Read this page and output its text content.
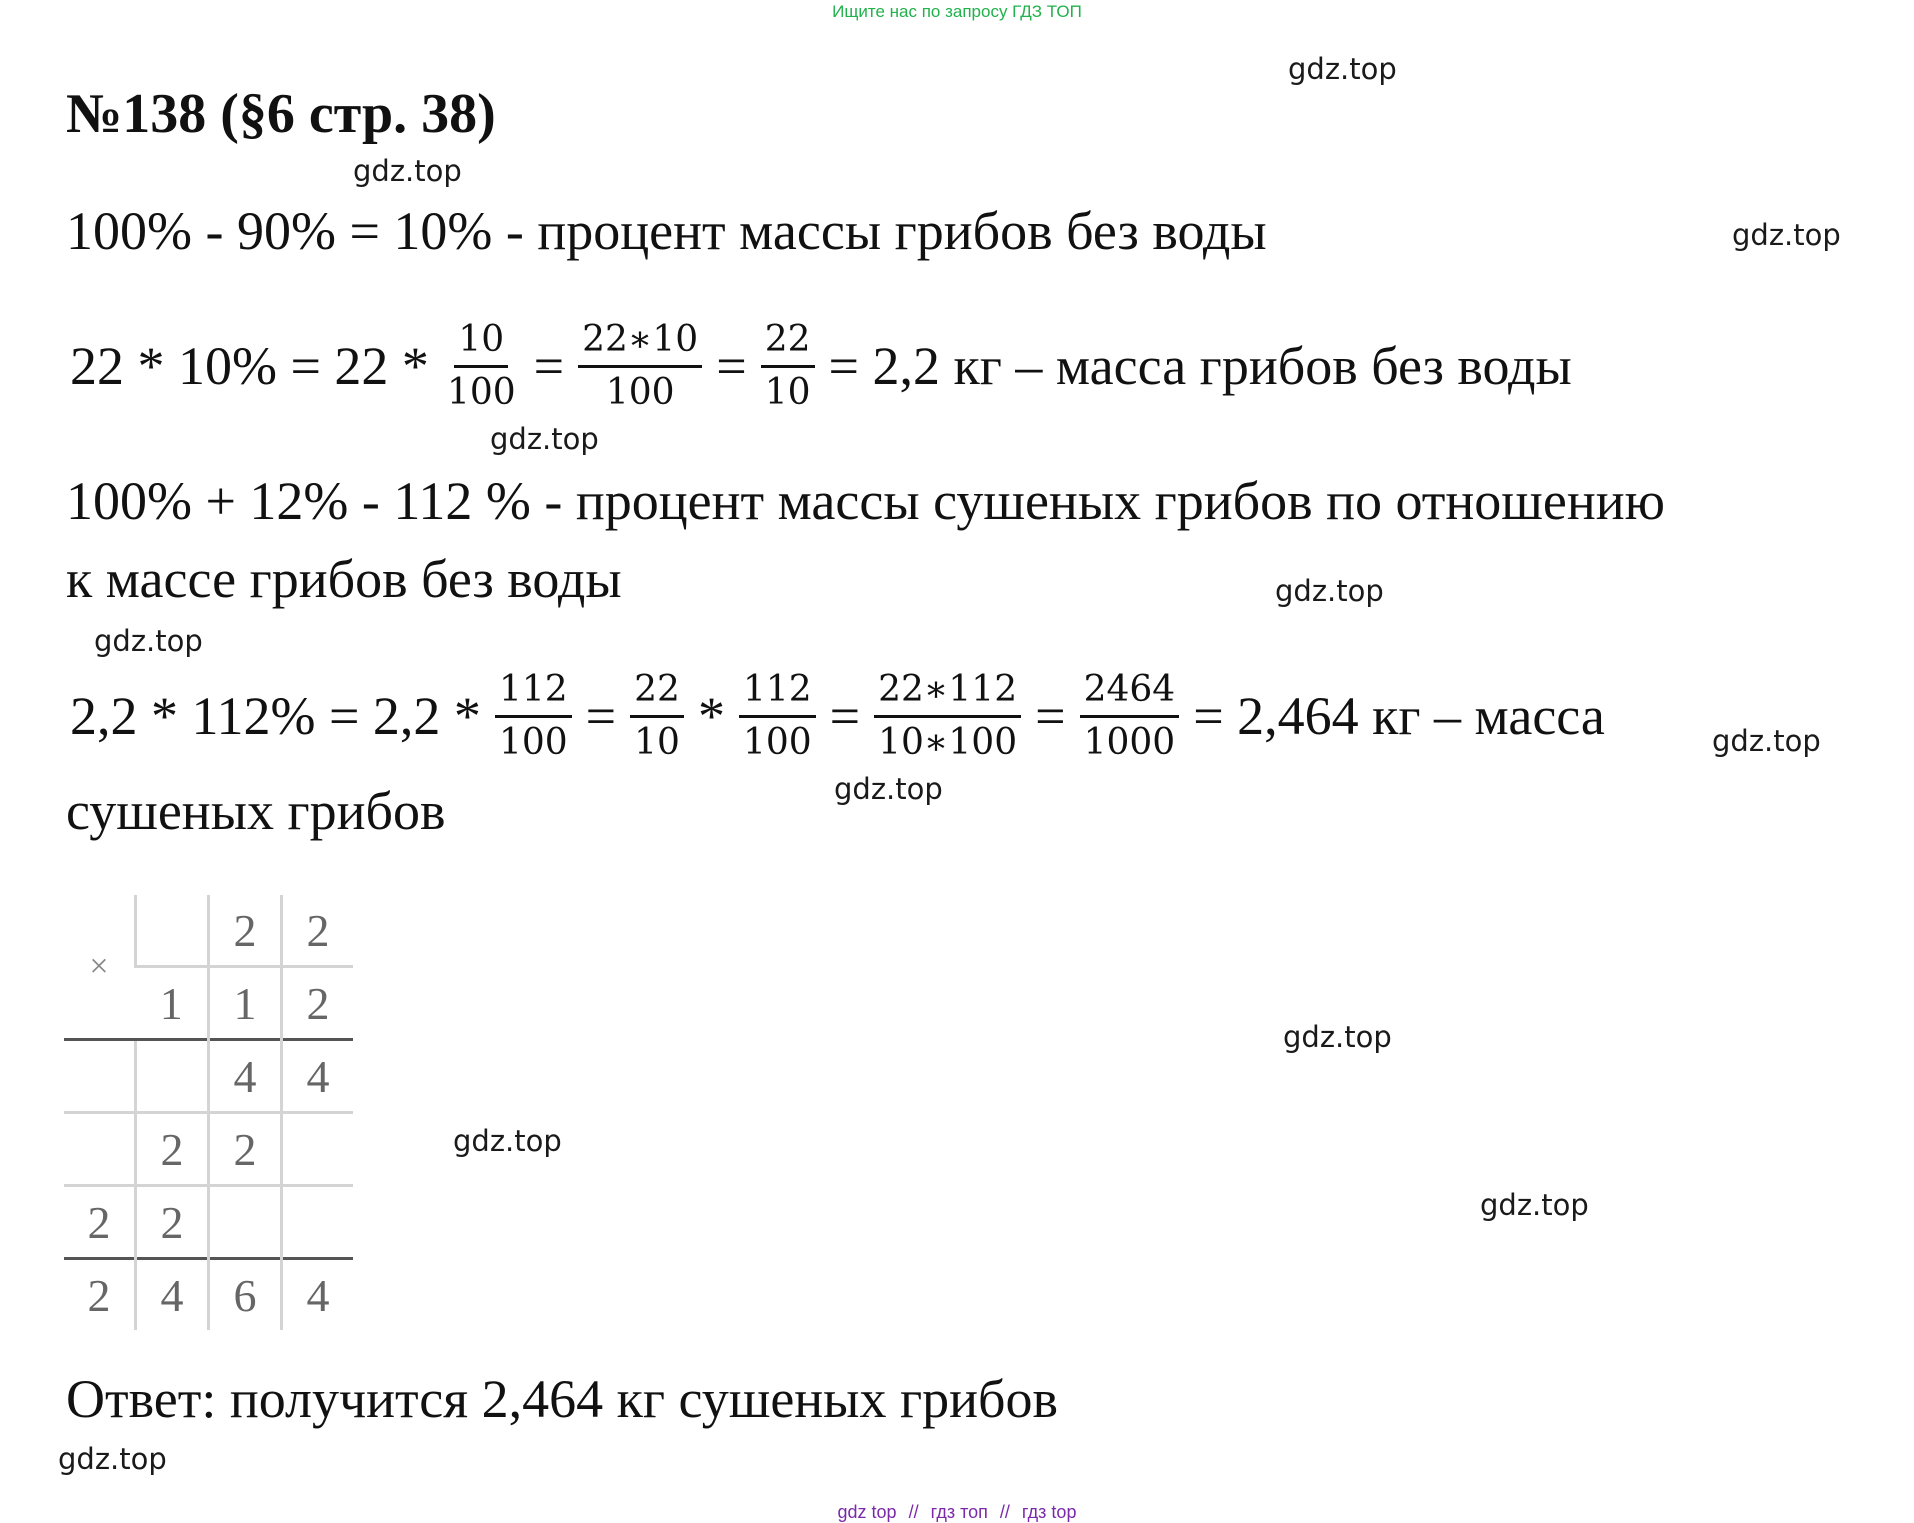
Ищите нас по запросу ГДЗ ТОП
№138 (§6 стр. 38)
100% - 90% = 10% - процент массы грибов без воды
$22 * 10\% = 22 * \frac{10}{100} = \frac{22∗10}{100} = \frac{22}{10} = 2,2$ кг – масса грибов без воды
100% + 12% - 112 % - процент массы сушеных грибов по отношению
к массе грибов без воды
$2,2 * 112\% = 2,2 * \frac{112}{100} = \frac{22}{10} * \frac{112}{100} = \frac{22∗112}{10∗100} = \frac{2464}{1000} = 2,464$ кг – масса
сушеных грибов
×		2	2
	1	1	2
		4	4
	2	2	
2	2		
2	4	6	4
Ответ: получится 2,464 кг сушеных грибов
gdz.top
gdz.top
gdz.top
gdz.top
gdz.top
gdz.top
gdz.top
gdz.top
gdz.top
gdz.top
gdz.top
gdz.top
gdz top // гдз топ // гдз top
